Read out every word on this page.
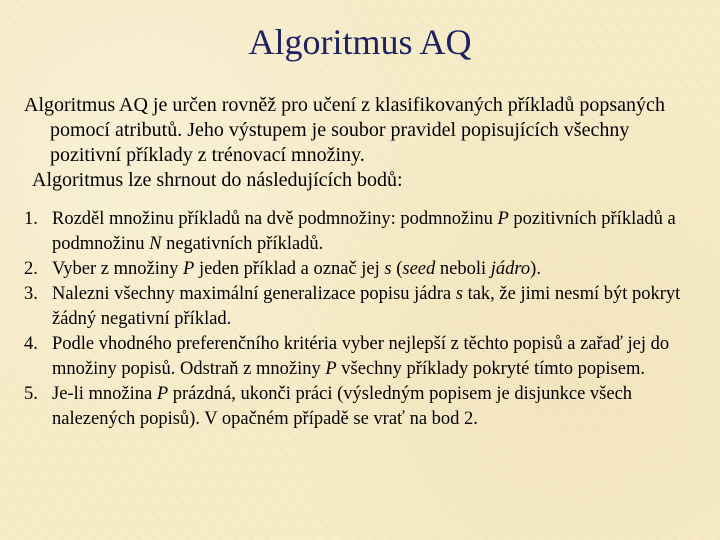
Algoritmus AQ
Algoritmus AQ je určen rovněž pro učení z klasifikovaných příkladů popsaných pomocí atributů. Jeho výstupem je soubor pravidel popisujících všechny pozitivní příklady z trénovací množiny.
Algoritmus lze shrnout do následujících bodů:
1. Rozděl množinu příkladů na dvě podmnožiny: podmnožinu P pozitivních příkladů a podmnožinu N negativních příkladů.
2. Vyber z množiny P jeden příklad a označ jej s (seed neboli jádro).
3. Nalezni všechny maximální generalizace popisu jádra s tak, že jimi nesmí být pokryt žádný negativní příklad.
4. Podle vhodného preferenčního kritéria vyber nejlepší z těchto popisů a zařaď jej do množiny popisů. Odstraň z množiny P všechny příklady pokryté tímto popisem.
5. Je-li množina P prázdná, ukonči práci (výsledným popisem je disjunkce všech nalezených popisů). V opačném případě se vrať na bod 2.
